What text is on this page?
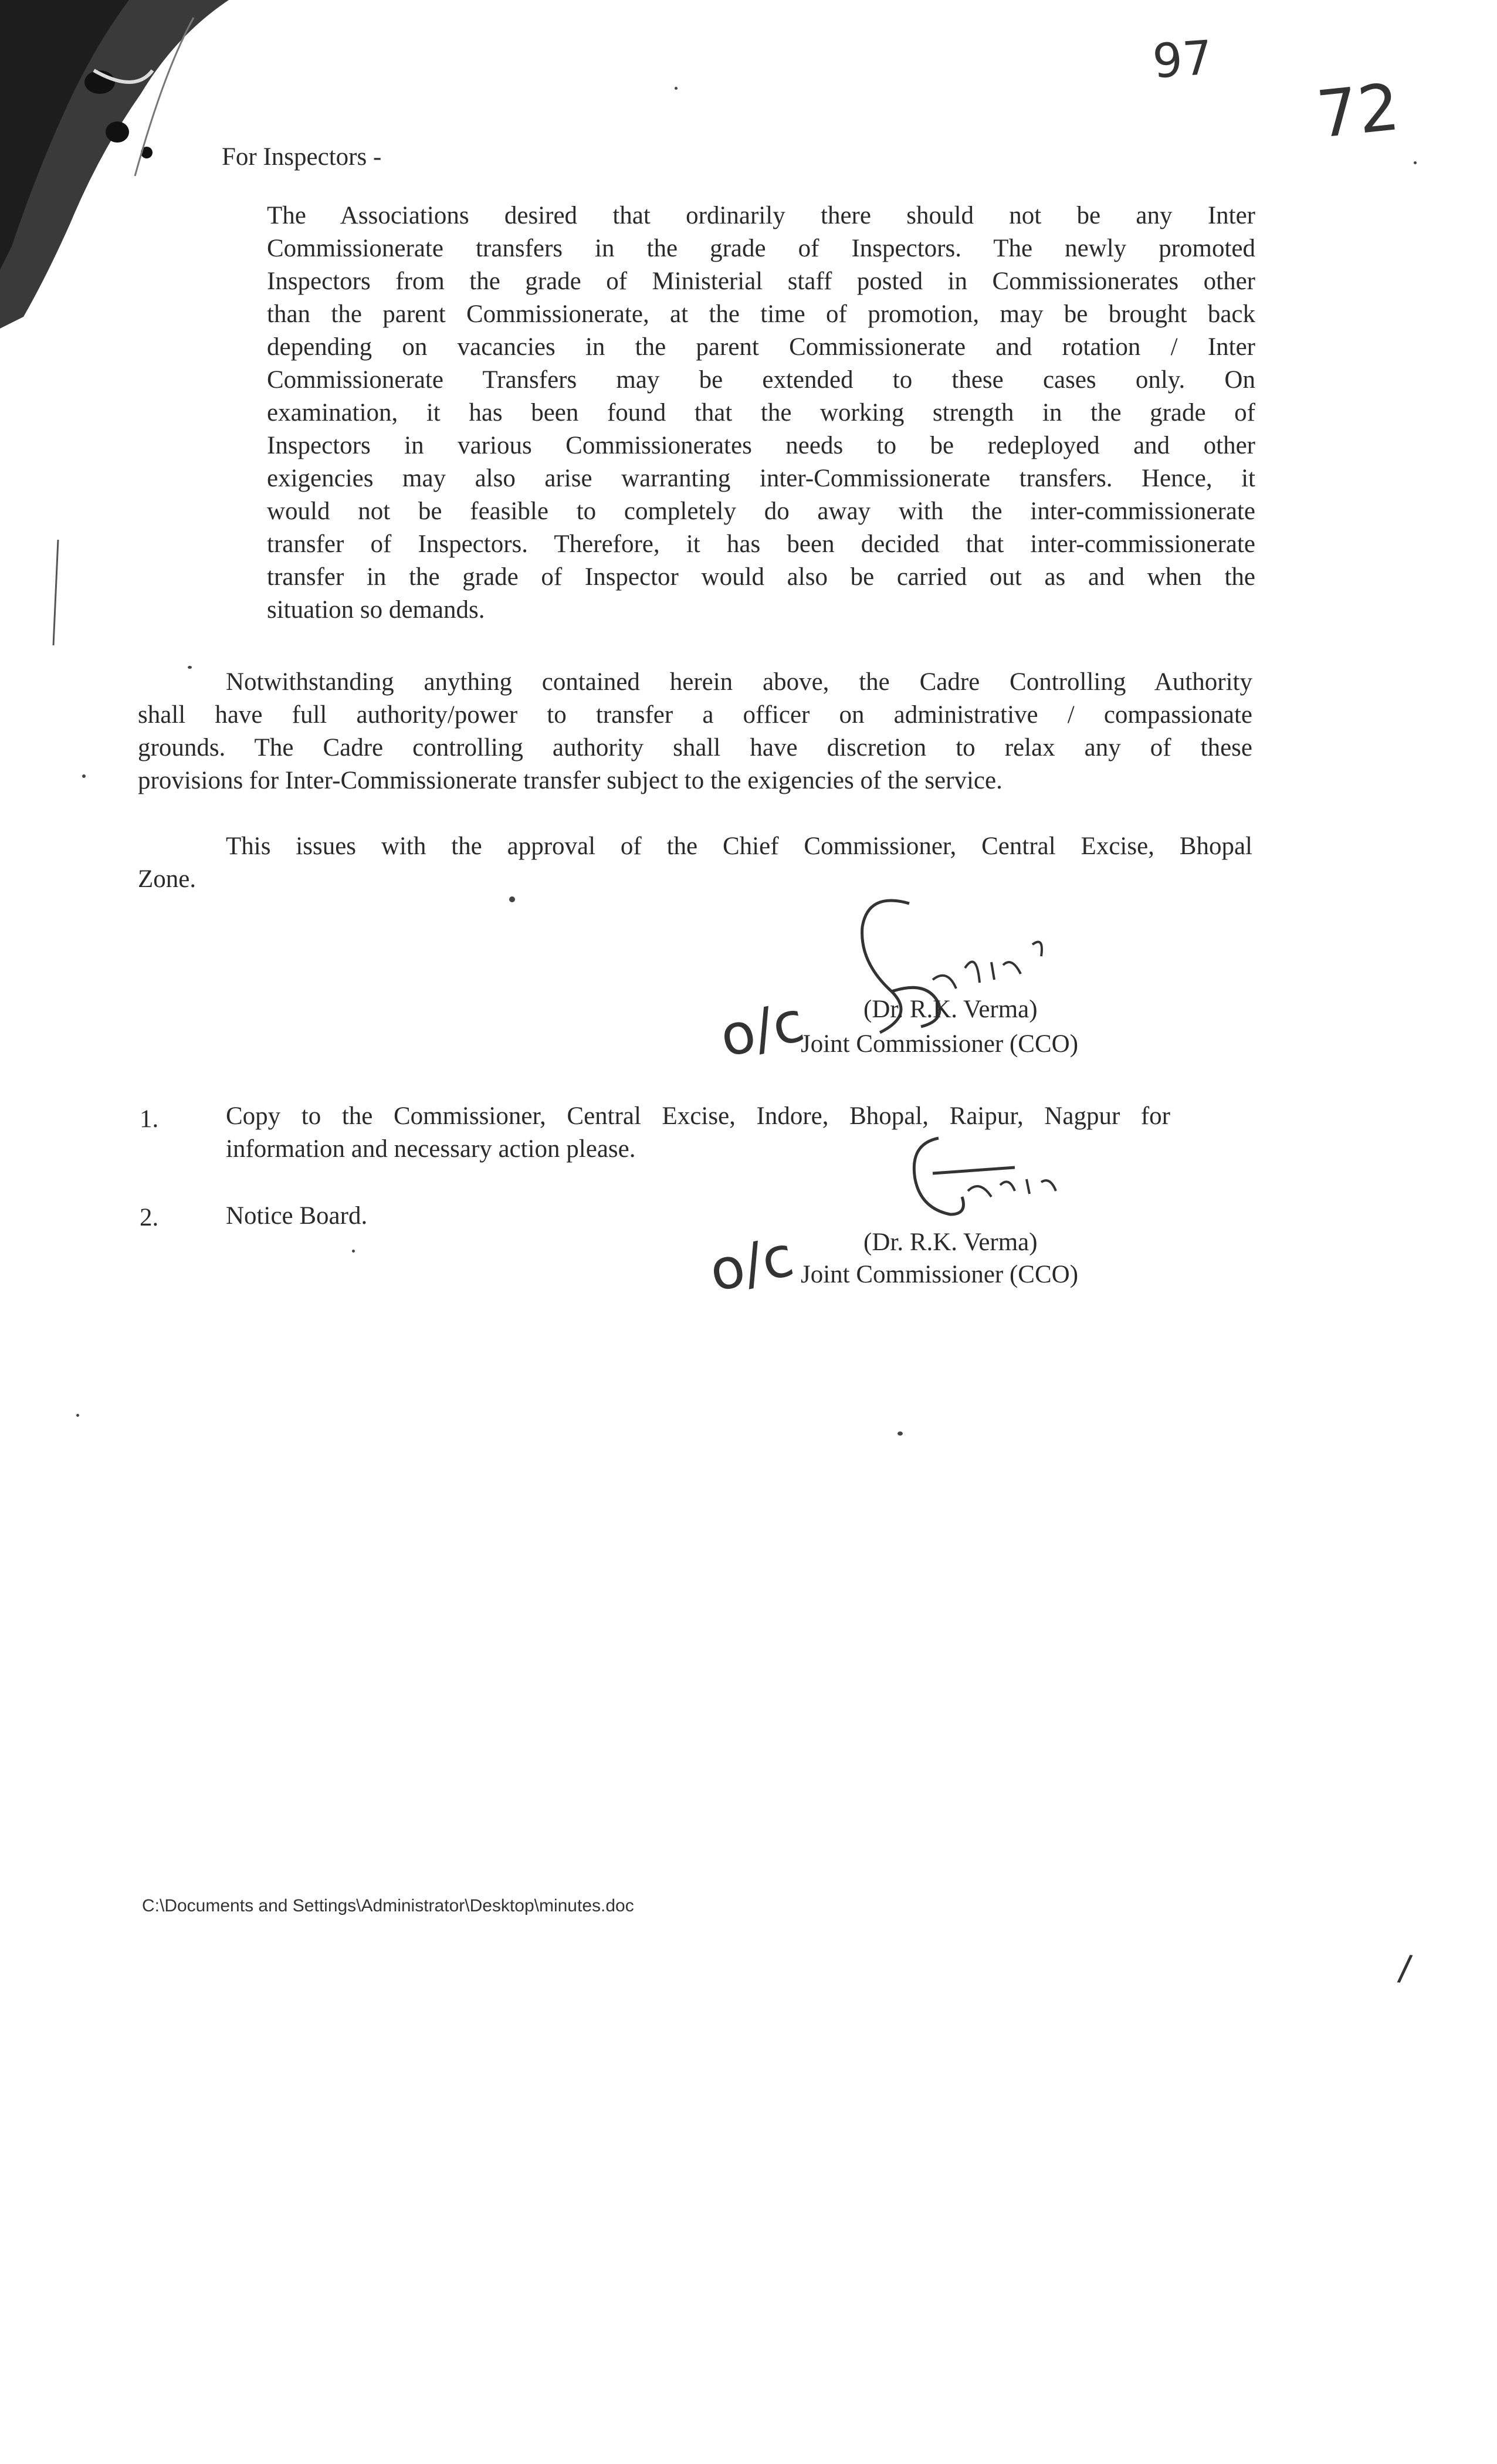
97
72
For Inspectors -

The Associations desired that ordinarily there should not be any Inter

Commissionerate transfers in the grade of Inspectors. The newly promoted

Inspectors from the grade of Ministerial staff posted in Commissionerates other

than the parent Commissionerate, at the time of promotion, may be brought back

depending on vacancies in the parent Commissionerate and rotation / Inter

Commissionerate Transfers may be extended to these cases only. On

examination, it has been found that the working strength in the grade of

Inspectors in various Commissionerates needs to be redeployed and other

exigencies may also arise warranting inter-Commissionerate transfers. Hence, it

would not be feasible to completely do away with the inter-commissionerate

transfer of Inspectors. Therefore, it has been decided that inter-commissionerate

transfer in the grade of Inspector would also be carried out as and when the

situation so demands.

Notwithstanding anything contained herein above, the Cadre Controlling Authority

shall have full authority/power to transfer a officer on administrative / compassionate

grounds. The Cadre controlling authority shall have discretion to relax any of these

provisions for Inter-Commissionerate transfer subject to the exigencies of the service.

This issues with the approval of the Chief Commissioner, Central Excise, Bhopal

Zone.

(Dr. R.K. Verma)
Joint Commissioner (CCO)
o/c
1.	Copy to the Commissioner, Central Excise, Indore, Bhopal, Raipur, Nagpur for

information and necessary action please.

2.	Notice Board.
(Dr. R.K. Verma)
Joint Commissioner (CCO)
o/c
C:\Documents and Settings\Administrator\Desktop\minutes.doc
/
